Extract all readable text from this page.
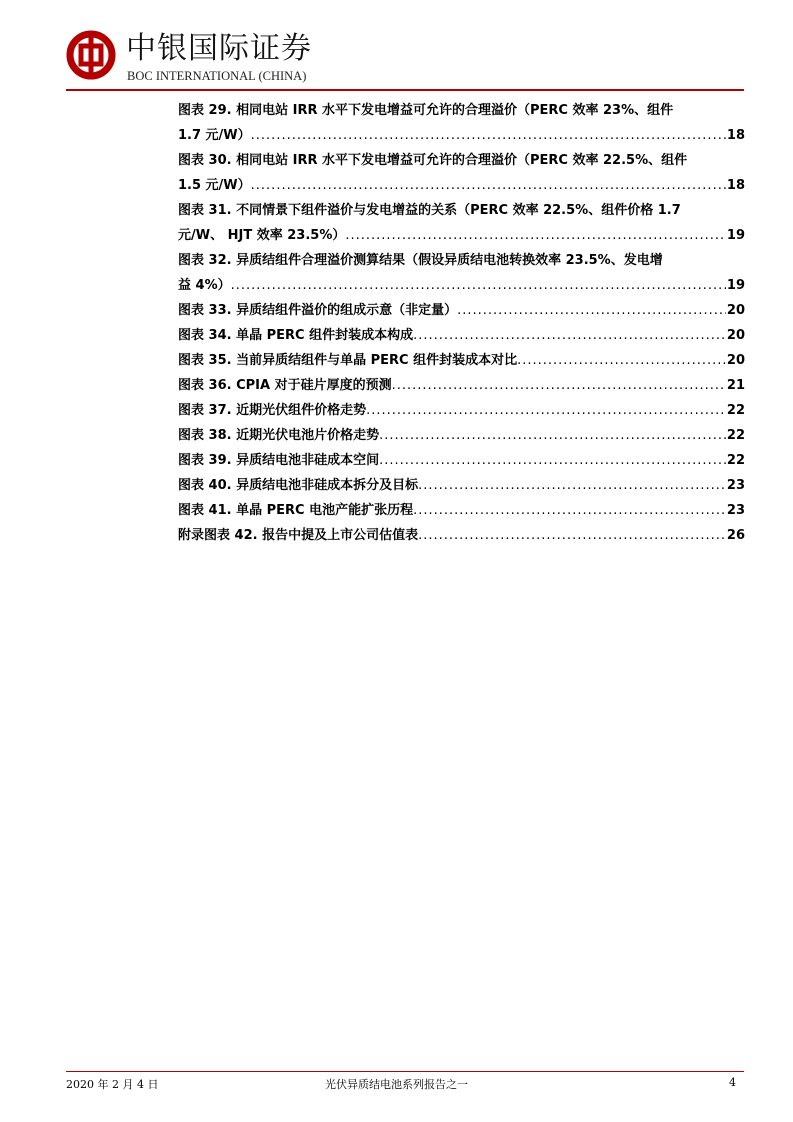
中银国际证券
BOC INTERNATIONAL (CHINA)
图表 29. 相同电站 IRR 水平下发电增益可允许的合理溢价（PERC 效率 23%、组件
1.7 元/W） .....	18
图表 30. 相同电站 IRR 水平下发电增益可允许的合理溢价（PERC 效率 22.5%、组件
1.5 元/W） .....	18
图表 31. 不同情景下组件溢价与发电增益的关系（PERC 效率 22.5%、组件价格 1.7
元/W、 HJT 效率 23.5%） .....	19
图表 32. 异质结组件合理溢价测算结果（假设异质结电池转换效率 23.5%、发电增
益 4%） .....	19
图表 33. 异质结组件溢价的组成示意（非定量） .....	20
图表 34. 单晶 PERC 组件封装成本构成 .....	20
图表 35. 当前异质结组件与单晶 PERC 组件封装成本对比 .....	20
图表 36. CPIA 对于硅片厚度的预测 .....	21
图表 37. 近期光伏组件价格走势 .....	22
图表 38. 近期光伏电池片价格走势 .....	22
图表 39. 异质结电池非硅成本空间 .....	22
图表 40. 异质结电池非硅成本拆分及目标 .....	23
图表 41. 单晶 PERC 电池产能扩张历程 .....	23
附录图表 42. 报告中提及上市公司估值表 .....	26
2020 年 2 月 4 日	光伏异质结电池系列报告之一	4
